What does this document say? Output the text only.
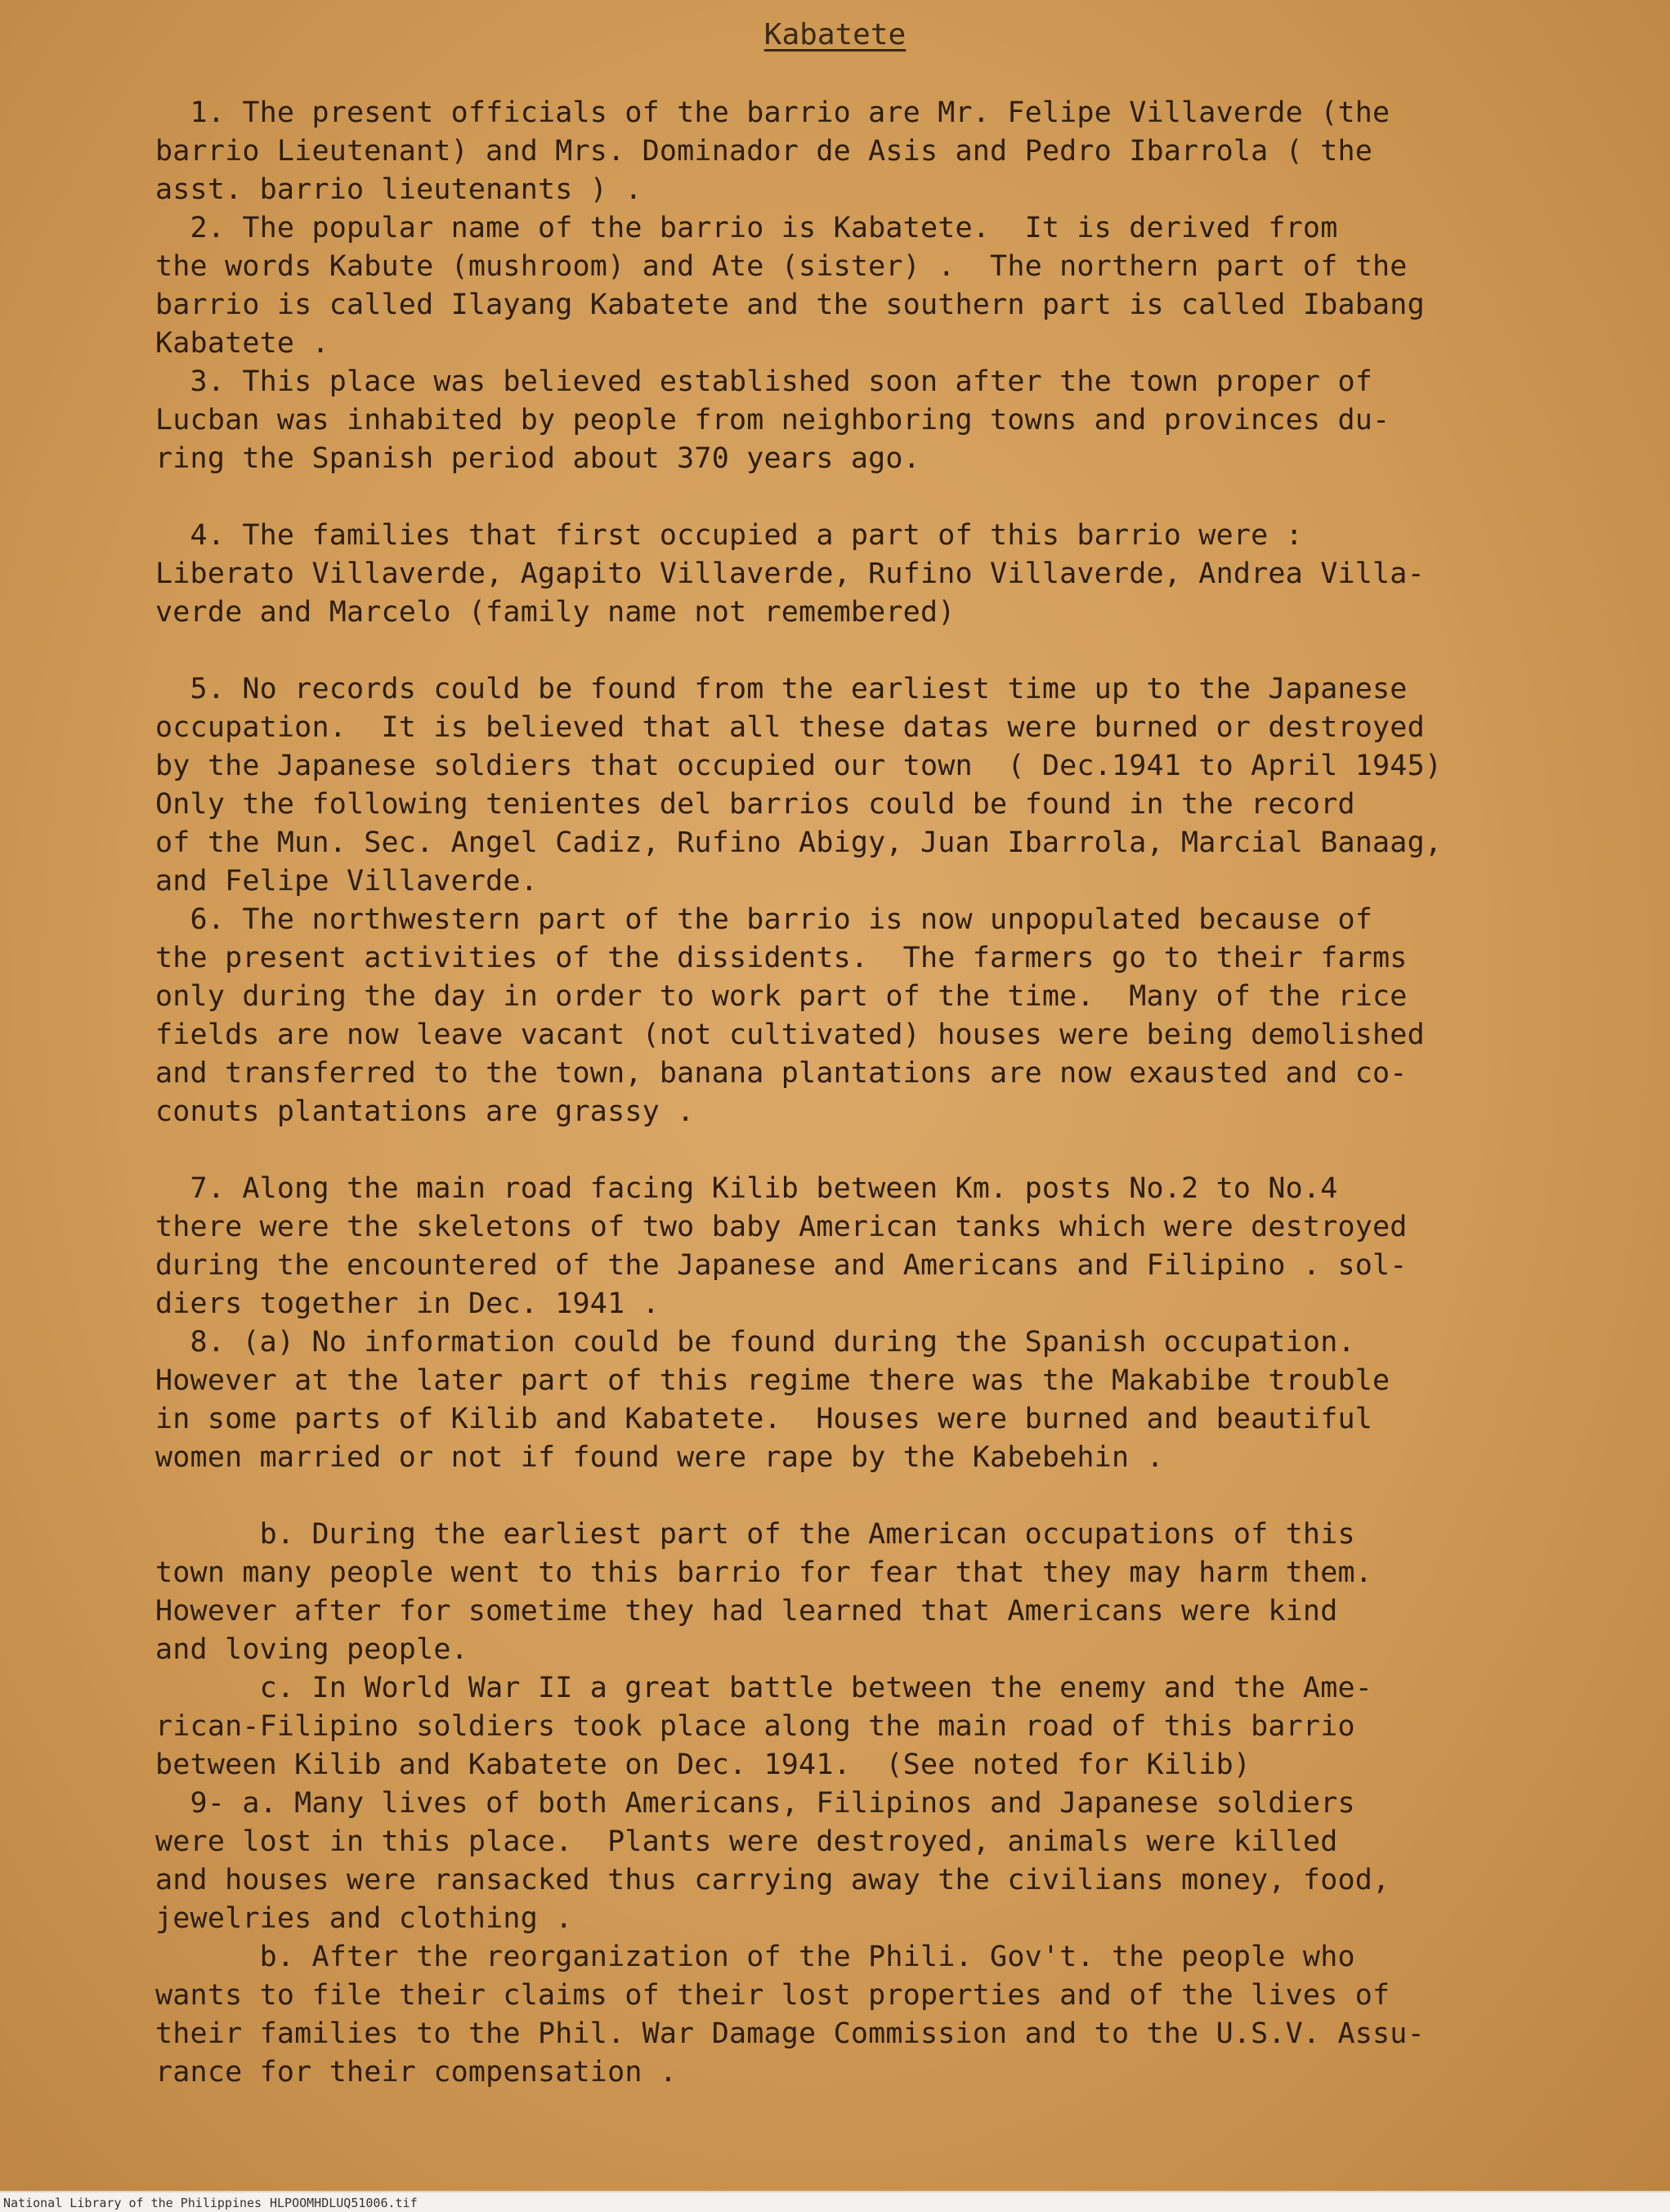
Kabatete
1. The present officials of the barrio are Mr. Felipe Villaverde (the
barrio Lieutenant) and Mrs. Dominador de Asis and Pedro Ibarrola ( the
asst. barrio lieutenants ) .
2. The popular name of the barrio is Kabatete.  It is derived from
the words Kabute (mushroom) and Ate (sister) .  The northern part of the
barrio is called Ilayang Kabatete and the southern part is called Ibabang
Kabatete .
3. This place was believed established soon after the town proper of
Lucban was inhabited by people from neighboring towns and provinces du-
ring the Spanish period about 370 years ago.
4. The families that first occupied a part of this barrio were :
Liberato Villaverde, Agapito Villaverde, Rufino Villaverde, Andrea Villa-
verde and Marcelo (family name not remembered)
5. No records could be found from the earliest time up to the Japanese
occupation.  It is believed that all these datas were burned or destroyed
by the Japanese soldiers that occupied our town  ( Dec.1941 to April 1945)
Only the following tenientes del barrios could be found in the record
of the Mun. Sec. Angel Cadiz, Rufino Abigy, Juan Ibarrola, Marcial Banaag,
and Felipe Villaverde.
6. The northwestern part of the barrio is now unpopulated because of
the present activities of the dissidents.  The farmers go to their farms
only during the day in order to work part of the time.  Many of the rice
fields are now leave vacant (not cultivated) houses were being demolished
and transferred to the town, banana plantations are now exausted and co-
conuts plantations are grassy .
7. Along the main road facing Kilib between Km. posts No.2 to No.4
there were the skeletons of two baby American tanks which were destroyed
during the encountered of the Japanese and Americans and Filipino . sol-
diers together in Dec. 1941 .
8. (a) No information could be found during the Spanish occupation.
However at the later part of this regime there was the Makabibe trouble
in some parts of Kilib and Kabatete.  Houses were burned and beautiful
women married or not if found were rape by the Kabebehin .
b. During the earliest part of the American occupations of this
town many people went to this barrio for fear that they may harm them.
However after for sometime they had learned that Americans were kind
and loving people.
c. In World War II a great battle between the enemy and the Ame-
rican-Filipino soldiers took place along the main road of this barrio
between Kilib and Kabatete on Dec. 1941.  (See noted for Kilib)
9- a. Many lives of both Americans, Filipinos and Japanese soldiers
were lost in this place.  Plants were destroyed, animals were killed
and houses were ransacked thus carrying away the civilians money, food,
jewelries and clothing .
b. After the reorganization of the Phili. Gov't. the people who
wants to file their claims of their lost properties and of the lives of
their families to the Phil. War Damage Commission and to the U.S.V. Assu-
rance for their compensation .
National Library of the Philippines HLPOOMHDLUQ51006.tif
